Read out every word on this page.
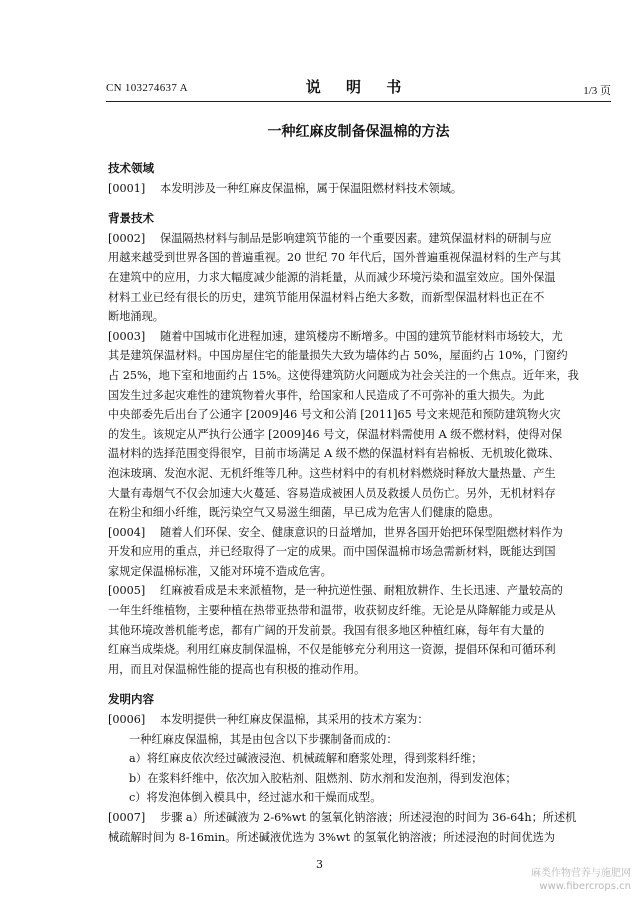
CN 103274637 A	说 明 书	1/3 页
一种红麻皮制备保温棉的方法
技术领域
[0001] 本发明涉及一种红麻皮保温棉，属于保温阻燃材料技术领域。
背景技术
[0002] 保温隔热材料与制品是影响建筑节能的一个重要因素。建筑保温材料的研制与应
用越来越受到世界各国的普遍重视。20 世纪 70 年代后，国外普遍重视保温材料的生产与其
在建筑中的应用，力求大幅度减少能源的消耗量，从而减少环境污染和温室效应。国外保温
材料工业已经有很长的历史，建筑节能用保温材料占绝大多数，而新型保温材料也正在不
断地涌现。
[0003] 随着中国城市化进程加速，建筑楼房不断增多。中国的建筑节能材料市场较大，尤
其是建筑保温材料。中国房屋住宅的能量损失大致为墙体约占 50%，屋面约占 10%，门窗约
占 25%，地下室和地面约占 15%。这使得建筑防火问题成为社会关注的一个焦点。近年来，我
国发生过多起灾难性的建筑物着火事件，给国家和人民造成了不可弥补的重大损失。为此
中央部委先后出台了公通字 [2009]46 号文和公消 [2011]65 号文来规范和预防建筑物火灾
的发生。该规定从严执行公通字 [2009]46 号文，保温材料需使用 A 级不燃材料，使得对保
温材料的选择范围变得很窄，目前市场满足 A 级不燃的保温材料有岩棉板、无机玻化微珠、
泡沫玻璃、发泡水泥、无机纤维等几种。这些材料中的有机材料燃烧时释放大量热量、产生
大量有毒烟气不仅会加速大火蔓延、容易造成被困人员及救援人员伤亡。另外，无机材料存
在粉尘和细小纤维，既污染空气又易滋生细菌，早已成为危害人们健康的隐患。
[0004] 随着人们环保、安全、健康意识的日益增加，世界各国开始把环保型阻燃材料作为
开发和应用的重点，并已经取得了一定的成果。而中国保温棉市场急需新材料，既能达到国
家规定保温棉标准，又能对环境不造成危害。
[0005] 红麻被看成是未来派植物，是一种抗逆性强、耐粗放耕作、生长迅速、产量较高的
一年生纤维植物，主要种植在热带亚热带和温带，收获韧皮纤维。无论是从降解能力或是从
其他环境改善机能考虑，都有广阔的开发前景。我国有很多地区种植红麻，每年有大量的
红麻当成柴烧。利用红麻皮制保温棉，不仅是能够充分利用这一资源，提倡环保和可循环利
用，而且对保温棉性能的提高也有积极的推动作用。
发明内容
[0006] 本发明提供一种红麻皮保温棉，其采用的技术方案为：
一种红麻皮保温棉，其是由包含以下步骤制备而成的：
a）将红麻皮依次经过碱液浸泡、机械疏解和磨浆处理，得到浆料纤维；
b）在浆料纤维中，依次加入胶粘剂、阻燃剂、防水剂和发泡剂，得到发泡体；
c）将发泡体倒入模具中，经过滤水和干燥而成型。
[0007] 步骤 a）所述碱液为 2-6%wt 的氢氧化钠溶液；所述浸泡的时间为 36-64h；所述机
械疏解时间为 8-16min。所述碱液优选为 3%wt 的氢氧化钠溶液；所述浸泡的时间优选为
3
麻类作物营养与施肥网
www.fibercrops.cn
